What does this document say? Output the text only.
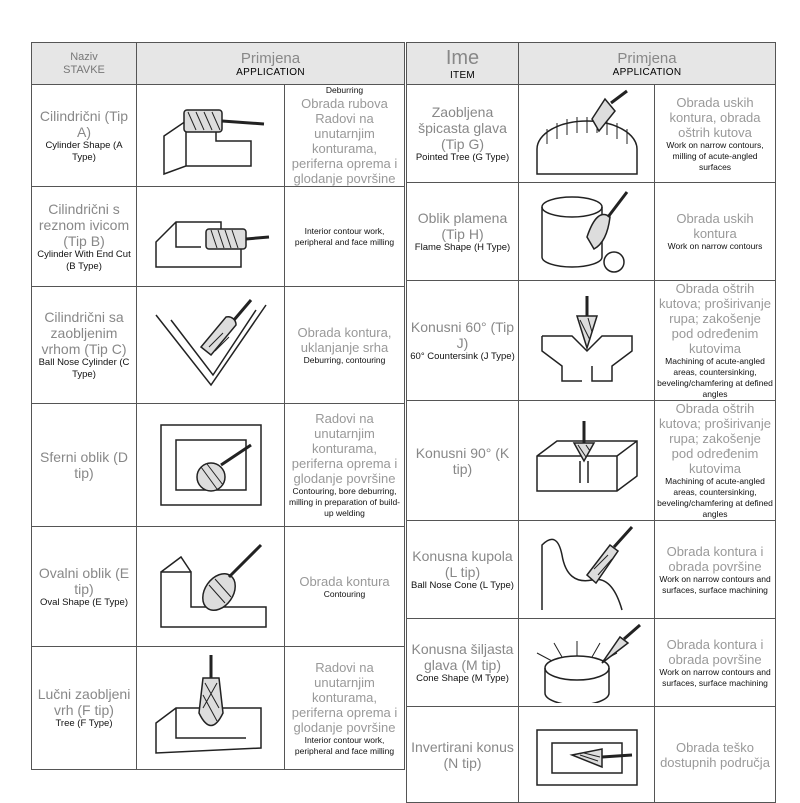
Naziv
STAVKE	Primjena
APPLICATION	

Cilindrični (Tip A)
Cylinder Shape (A Type)		Deburring
Obrada rubova Radovi na unutarnjim konturama, periferna oprema i glodanje površine

Cilindrični s reznom ivicom (Tip B)
Cylinder With End Cut (B Type)		Interior contour work, peripheral and face milling

Cilindrični sa zaobljenim vrhom (Tip C)
Ball Nose Cylinder (C Type)		Obrada kontura, uklanjanje srha
Deburring, contouring

Sferni oblik (D tip)		Radovi na unutarnjim konturama, periferna oprema i glodanje površine
Contouring, bore deburring, milling in preparation of build-up welding

Ovalni oblik (E tip)
Oval Shape (E Type)		Obrada kontura
Contouring

Lučni zaobljeni vrh (F tip)
Tree (F Type)		Radovi na unutarnjim konturama, periferna oprema i glodanje površine
Interior contour work, peripheral and face milling
Ime
ITEM	Primjena
APPLICATION	

Zaobljena špicasta glava (Tip G)
Pointed Tree (G Type)		Obrada uskih kontura, obrada oštrih kutova
Work on narrow contours, milling of acute-angled surfaces

Oblik plamena (Tip H)
Flame Shape (H Type)		Obrada uskih kontura
Work on narrow contours

Konusni 60° (Tip J)
60° Countersink (J Type)		Obrada oštrih kutova; proširivanje rupa; zakošenje pod određenim kutovima
Machining of acute-angled areas, countersinking, beveling/chamfering at defined angles

Konusni 90° (K tip)		Obrada oštrih kutova; proširivanje rupa; zakošenje pod određenim kutovima
Machining of acute-angled areas, countersinking, beveling/chamfering at defined angles

Konusna kupola (L tip)
Ball Nose Cone (L Type)		Obrada kontura i obrada površine
Work on narrow contours and surfaces, surface machining

Konusna šiljasta glava (M tip)
Cone Shape (M Type)		Obrada kontura i obrada površine
Work on narrow contours and surfaces, surface machining

Invertirani konus (N tip)		Obrada teško dostupnih područja
